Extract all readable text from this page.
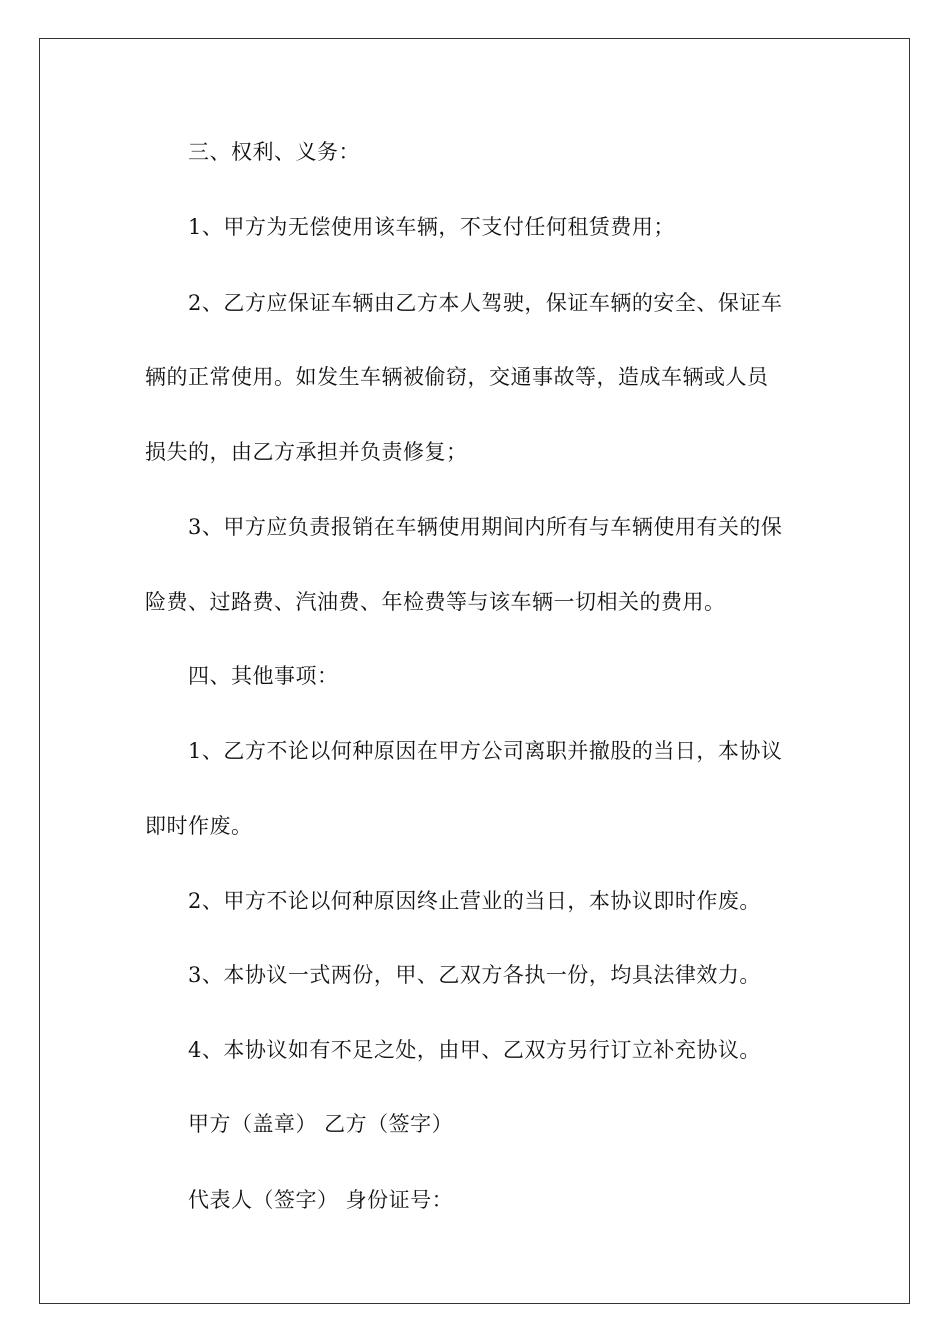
三、权利、义务：
1、甲方为无偿使用该车辆，不支付任何租赁费用；
2、乙方应保证车辆由乙方本人驾驶，保证车辆的安全、保证车
辆的正常使用。如发生车辆被偷窃，交通事故等，造成车辆或人员
损失的，由乙方承担并负责修复；
3、甲方应负责报销在车辆使用期间内所有与车辆使用有关的保
险费、过路费、汽油费、年检费等与该车辆一切相关的费用。
四、其他事项：
1、乙方不论以何种原因在甲方公司离职并撤股的当日，本协议
即时作废。
2、甲方不论以何种原因终止营业的当日，本协议即时作废。
3、本协议一式两份，甲、乙双方各执一份，均具法律效力。
4、本协议如有不足之处，由甲、乙双方另行订立补充协议。
甲方（盖章） 乙方（签字）
代表人（签字） 身份证号：
